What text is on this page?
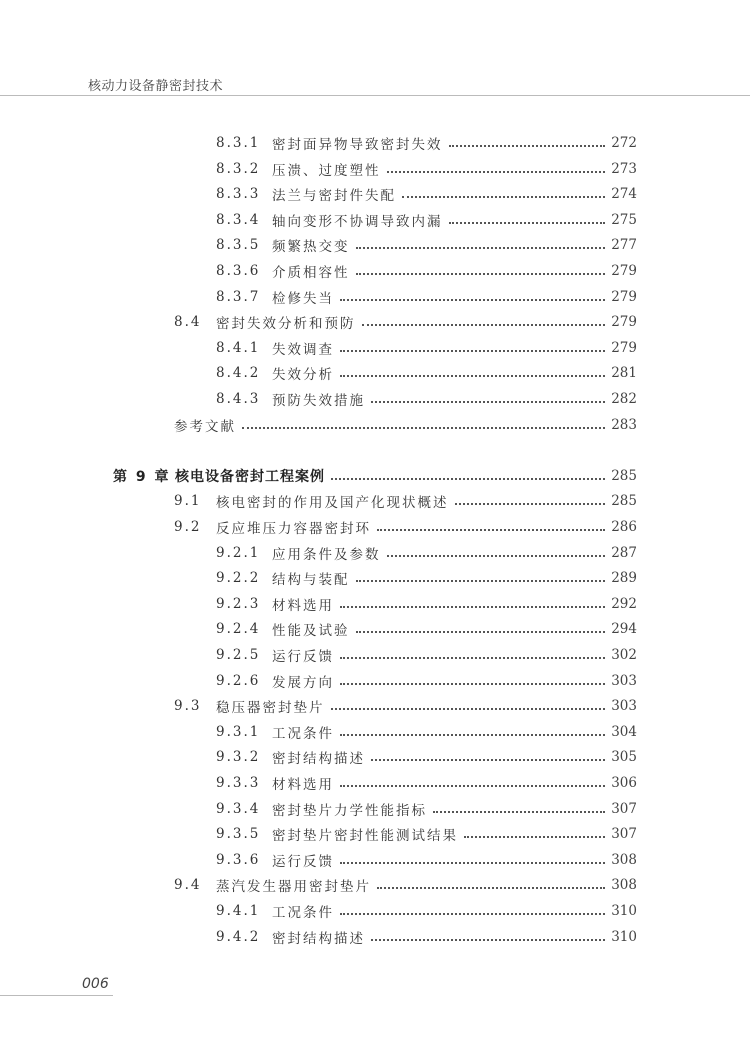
核动力设备静密封技术
8.3.1 密封面异物导致密封失效	272
8.3.2 压溃、过度塑性	273
8.3.3 法兰与密封件失配	274
8.3.4 轴向变形不协调导致内漏	275
8.3.5 频繁热交变	277
8.3.6 介质相容性	279
8.3.7 检修失当	279
8.4	密封失效分析和预防	279
8.4.1 失效调查	279
8.4.2 失效分析	281
8.4.3 预防失效措施	282
参考文献	283
第 9 章 核电设备密封工程案例	285
9.1	核电密封的作用及国产化现状概述	285
9.2	反应堆压力容器密封环	286
9.2.1 应用条件及参数	287
9.2.2 结构与装配	289
9.2.3 材料选用	292
9.2.4 性能及试验	294
9.2.5 运行反馈	302
9.2.6 发展方向	303
9.3	稳压器密封垫片	303
9.3.1 工况条件	304
9.3.2 密封结构描述	305
9.3.3 材料选用	306
9.3.4 密封垫片力学性能指标	307
9.3.5 密封垫片密封性能测试结果	307
9.3.6 运行反馈	308
9.4	蒸汽发生器用密封垫片	308
9.4.1 工况条件	310
9.4.2 密封结构描述	310
006
